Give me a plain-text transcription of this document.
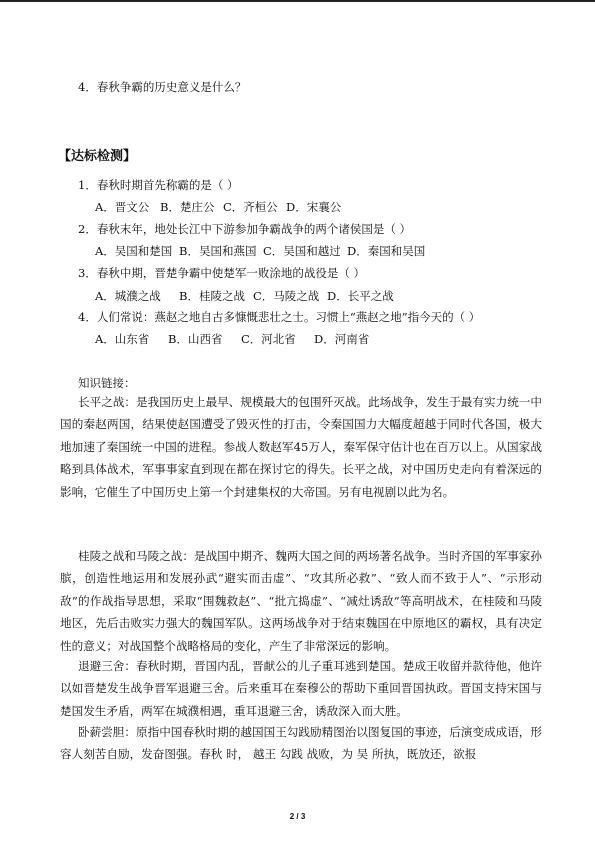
4．春秋争霸的历史意义是什么？
【达标检测】
1．春秋时期首先称霸的是（ ）
A．晋文公 B．楚庄公 C．齐桓公 D．宋襄公
2．春秋末年，地处长江中下游参加争霸战争的两个诸侯国是（ ）
A．吴国和楚国 B．吴国和燕国 C．吴国和越过 D．秦国和吴国
3．春秋中期，晋楚争霸中使楚军一败涂地的战役是（ ）
A．城濮之战 B．桂陵之战 C．马陵之战 D．长平之战
4．人们常说：燕赵之地自古多慷慨悲壮之士。习惯上“燕赵之地”指今天的（ ）
A．山东省 B．山西省 C．河北省 D．河南省
知识链接：
长平之战：是我国历史上最早、规模最大的包围歼灭战。此场战争，发生于最有实力统一中国的秦赵两国，结果使赵国遭受了毁灭性的打击，令秦国国力大幅度超越于同时代各国，极大地加速了秦国统一中国的进程。参战人数赵军45万人，秦军保守估计也在百万以上。从国家战略到具体战术，军事事家直到现在都在探讨它的得失。长平之战，对中国历史走向有着深远的影响，它催生了中国历史上第一个封建集权的大帝国。另有电视剧以此为名。
桂陵之战和马陵之战：是战国中期齐、魏两大国之间的两场著名战争。当时齐国的军事家孙膑，创造性地运用和发展孙武“避实而击虚”、“攻其所必救”、“致人而不致于人”、“示形动敌”的作战指导思想，采取“围魏救赵”、“批亢捣虚”、“减灶诱敌”等高明战术，在桂陵和马陵地区，先后击败实力强大的魏国军队。这两场战争对于结束魏国在中原地区的霸权，具有决定性的意义；对战国整个战略格局的变化，产生了非常深远的影响。
退避三舍：春秋时期，晋国内乱，晋献公的儿子重耳逃到楚国。楚成王收留并款待他，他许以如晋楚发生战争晋军退避三舍。后来重耳在秦穆公的帮助下重回晋国执政。晋国支持宋国与楚国发生矛盾，两军在城濮相遇，重耳退避三舍，诱敌深入而大胜。
卧薪尝胆：原指中国春秋时期的越国国王勾践励精图治以图复国的事迹，后演变成成语，形容人刻苦自励，发奋图强。春秋 时， 越王 勾践 战败，为 吴 所执，既放还，欲报
2 / 3
